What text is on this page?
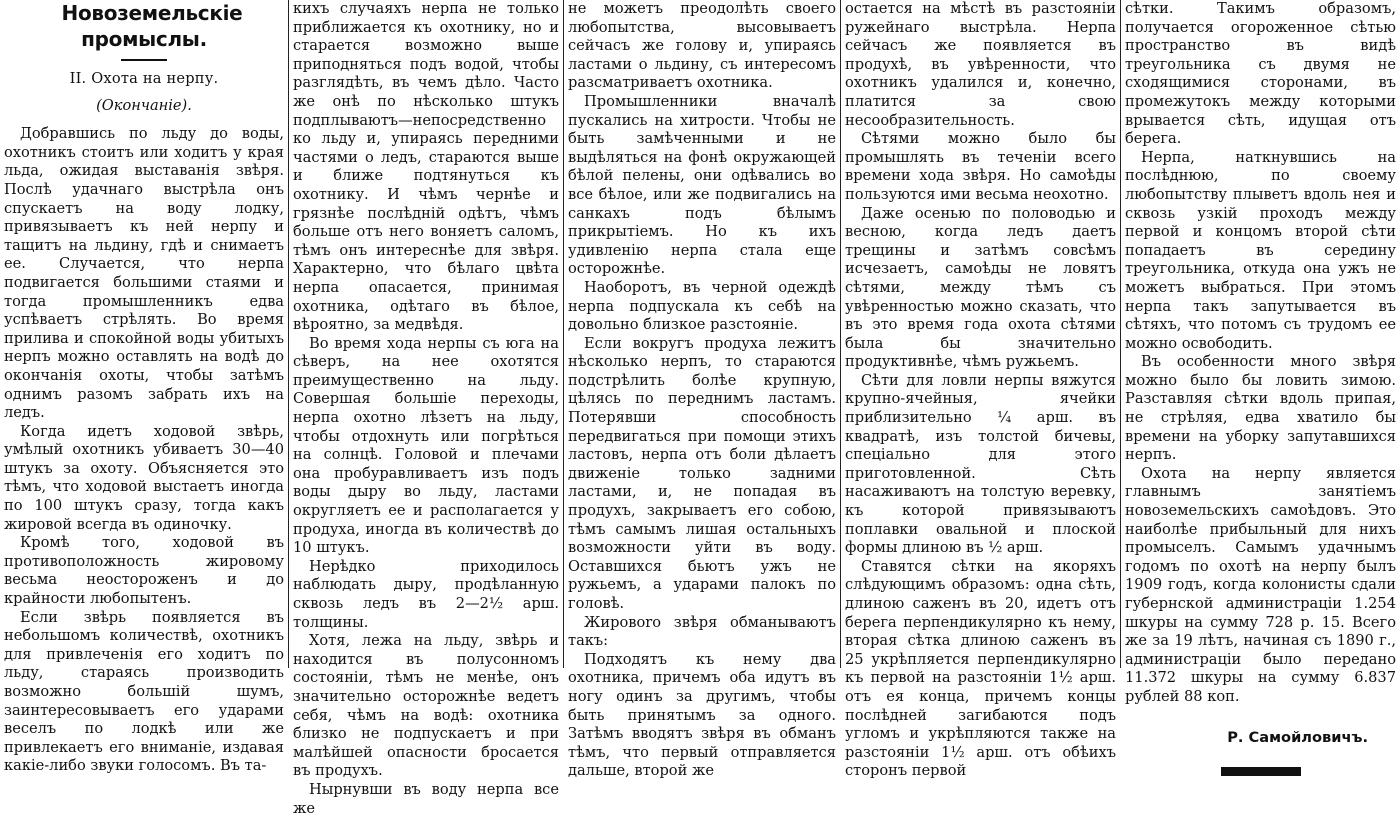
Новоземельскiе промыслы.

II. Охота на нерпу.

(Окончанiе).

Добравшись по льду до воды, охотникъ стоитъ или ходитъ у края льда, ожидая выставанiя звѣря. Послѣ удачнаго выстрѣла онъ спускаетъ на воду лодку, привязываетъ къ ней нерпу и тащитъ на льдину, гдѣ и снимаетъ ее. Случается, что нерпа подвигается большими стаями и тогда промышленникъ едва успѣваетъ стрѣлять. Во время прилива и спокойной воды убитыхъ нерпъ можно оставлять на водѣ до окончанiя охоты, чтобы затѣмъ однимъ разомъ забрать ихъ на ледъ.

Когда идетъ ходовой звѣрь, умѣлый охотникъ убиваетъ 30—40 штукъ за охоту. Объясняется это тѣмъ, что ходовой выстаетъ иногда по 100 штукъ сразу, тогда какъ жировой всегда въ одиночку.

Кромѣ того, ходовой въ противоположность жировому весьма неостороженъ и до крайности любопытенъ.

Если звѣрь появляется въ небольшомъ количествѣ, охотникъ для привлеченiя его ходитъ по льду, стараясь производить возможно большiй шумъ, заинтересовываетъ его ударами веселъ по лодкѣ или же привлекаетъ его вниманiе, издавая какiе-либо звуки голосомъ. Въ та-

кихъ случаяхъ нерпа не только приближается къ охотнику, но и старается возможно выше приподняться подъ водой, чтобы разглядѣть, въ чемъ дѣло. Часто же онѣ по нѣсколько штукъ подплываютъ—непосредственно ко льду и, упираясь передними частями о ледъ, стараются выше и ближе подтянуться къ охотнику. И чѣмъ чернѣе и грязнѣе послѣднiй одѣтъ, чѣмъ больше отъ него воняетъ саломъ, тѣмъ онъ интереснѣе для звѣря. Характерно, что бѣлаго цвѣта нерпа опасается, принимая охотника, одѣтаго въ бѣлое, вѣроятно, за медвѣдя.

Во время хода нерпы съ юга на сѣверъ, на нее охотятся преимущественно на льду. Совершая большiе переходы, нерпа охотно лѣзетъ на льду, чтобы отдохнуть или погрѣться на солнцѣ. Головой и плечами она пробуравливаетъ изъ подъ воды дыру во льду, ластами округляетъ ее и располагается у продуха, иногда въ количествѣ до 10 штукъ.

Нерѣдко приходилось наблюдать дыру, продѣланную сквозь ледъ въ 2—2½ арш. толщины.

Хотя, лежа на льду, звѣрь и находится въ полусонномъ состоянiи, тѣмъ не менѣе, онъ значительно осторожнѣе ведетъ себя, чѣмъ на водѣ: охотника близко не подпускаетъ и при малѣйшей опасности бросается въ продухъ.

Нырнувши въ воду нерпа все же

не можетъ преодолѣть своего любопытства, высовываетъ сейчасъ же голову и, упираясь ластами о льдину, съ интересомъ разсматриваетъ охотника.

Промышленники вначалѣ пускались на хитрости. Чтобы не быть замѣченными и не выдѣляться на фонѣ окружающей бѣлой пелены, они одѣвались во все бѣлое, или же подвигались на санкахъ подъ бѣлымъ прикрытiемъ. Но къ ихъ удивленiю нерпа стала еще осторожнѣе.

Наоборотъ, въ черной одеждѣ нерпа подпускала къ себѣ на довольно близкое разстоянiе.

Если вокругъ продуха лежитъ нѣсколько нерпъ, то стараются подстрѣлить болѣе крупную, цѣлясь по переднимъ ластамъ. Потерявши способность передвигаться при помощи этихъ ластовъ, нерпа отъ боли дѣлаетъ движенiе только задними ластами, и, не попадая въ продухъ, закрываетъ его собою, тѣмъ самымъ лишая остальныхъ возможности уйти въ воду. Оставшихся бьютъ ужъ не ружьемъ, а ударами палокъ по головѣ.

Жировоrо звѣря обманываютъ такъ:

Подходятъ къ нему два охотника, причемъ оба идутъ въ ногу одинъ за другимъ, чтобы быть принятымъ за одного. Затѣмъ вводятъ звѣря въ обманъ тѣмъ, что первый отправляется дальше, второй же

остается на мѣстѣ въ разстоянiи ружейнаго выстрѣла. Нерпа сейчасъ же появляется въ продухѣ, въ увѣренности, что охотникъ удалился и, конечно, платится за свою несообразительность.

Сѣтями можно было бы промышлять въ теченiи всего времени хода звѣря. Но самоѣды пользуются ими весьма неохотно.

Даже осенью по половодью и весною, когда ледъ даетъ трещины и затѣмъ совсѣмъ исчезаетъ, самоѣды не ловятъ сѣтями, между тѣмъ съ увѣренностью можно сказать, что въ это время года охота сѣтями была бы значительно продуктивнѣе, чѣмъ ружьемъ.

Сѣти для ловли нерпы вяжутся крупно-ячейныя, ячейки приблизительно ¼ арш. въ квадратѣ, изъ толстой бичевы, спецiально для этого приготовленной. Сѣть насаживаютъ на толстую веревку, къ которой привязываютъ поплавки овальной и плоской формы длиною въ ½ арш.

Ставятся сѣтки на якоряхъ слѣдующимъ образомъ: одна сѣть, длиною саженъ въ 20, идетъ отъ берега перпендикулярно къ нему, вторая сѣтка длиною саженъ въ 25 укрѣпляется перпендикулярно къ первой на разстоянiи 1½ арш. отъ ея конца, причемъ концы послѣдней загибаются подъ угломъ и укрѣпляются также на разстоянiи 1½ арш. отъ обѣихъ сторонъ первой

сѣтки. Такимъ образомъ, получается огороженное сѣтью пространство въ видѣ треугольника съ двумя не сходящимися сторонами, въ промежутокъ между которыми врывается сѣть, идущая отъ берега.

Нерпа, наткнувшись на послѣднюю, по своему любопытству плыветъ вдоль нея и сквозь узкiй проходъ между первой и концомъ второй сѣти попадаетъ въ середину треугольника, откуда она ужъ не можетъ выбраться. При этомъ нерпа такъ запутывается въ сѣтяхъ, что потомъ съ трудомъ ее можно освободить.

Въ особенности много звѣря можно было бы ловить зимою. Разставляя сѣтки вдоль припая, не стрѣляя, едва хватило бы времени на уборку запутавшихся нерпъ.

Охота на нерпу является главнымъ занятiемъ новоземельскихъ самоѣдовъ. Это наиболѣе прибыльный для нихъ промыселъ. Самымъ удачнымъ годомъ по охотѣ на нерпу былъ 1909 годъ, когда колонисты сдали губернской администрацiи 1.254 шкуры на сумму 728 р. 15. Всего же за 19 лѣтъ, начиная съ 1890 г., администрацiи было передано 11.372 шкуры на сумму 6.837 рублей 88 коп.

Р. Самойловичъ.
